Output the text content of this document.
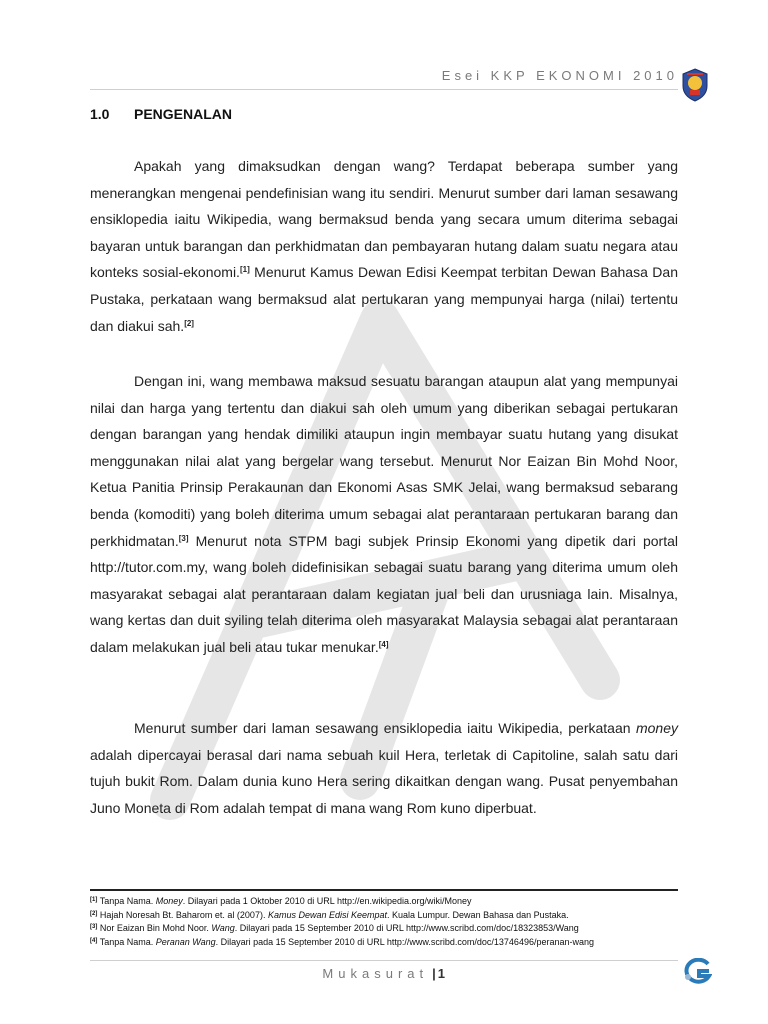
Esei KKP EKONOMI 2010
1.0 PENGENALAN

Apakah yang dimaksudkan dengan wang? Terdapat beberapa sumber yang menerangkan mengenai pendefinisian wang itu sendiri. Menurut sumber dari laman sesawang ensiklopedia iaitu Wikipedia, wang bermaksud benda yang secara umum diterima sebagai bayaran untuk barangan dan perkhidmatan dan pembayaran hutang dalam suatu negara atau konteks sosial-ekonomi.[1] Menurut Kamus Dewan Edisi Keempat terbitan Dewan Bahasa Dan Pustaka, perkataan wang bermaksud alat pertukaran yang mempunyai harga (nilai) tertentu dan diakui sah.[2]

Dengan ini, wang membawa maksud sesuatu barangan ataupun alat yang mempunyai nilai dan harga yang tertentu dan diakui sah oleh umum yang diberikan sebagai pertukaran dengan barangan yang hendak dimiliki ataupun ingin membayar suatu hutang yang disukat menggunakan nilai alat yang bergelar wang tersebut. Menurut Nor Eaizan Bin Mohd Noor, Ketua Panitia Prinsip Perakaunan dan Ekonomi Asas SMK Jelai, wang bermaksud sebarang benda (komoditi) yang boleh diterima umum sebagai alat perantaraan pertukaran barang dan perkhidmatan.[3] Menurut nota STPM bagi subjek Prinsip Ekonomi yang dipetik dari portal http://tutor.com.my, wang boleh didefinisikan sebagai suatu barang yang diterima umum oleh masyarakat sebagai alat perantaraan dalam kegiatan jual beli dan urusniaga lain. Misalnya, wang kertas dan duit syiling telah diterima oleh masyarakat Malaysia sebagai alat perantaraan dalam melakukan jual beli atau tukar menukar.[4]

Menurut sumber dari laman sesawang ensiklopedia iaitu Wikipedia, perkataan money adalah dipercayai berasal dari nama sebuah kuil Hera, terletak di Capitoline, salah satu dari tujuh bukit Rom. Dalam dunia kuno Hera sering dikaitkan dengan wang. Pusat penyembahan Juno Moneta di Rom adalah tempat di mana wang Rom kuno diperbuat.

[1] Tanpa Nama. Money. Dilayari pada 1 Oktober 2010 di URL http://en.wikipedia.org/wiki/Money
[2] Hajah Noresah Bt. Baharom et. al (2007). Kamus Dewan Edisi Keempat. Kuala Lumpur. Dewan Bahasa dan Pustaka.
[3] Nor Eaizan Bin Mohd Noor. Wang. Dilayari pada 15 September 2010 di URL http://www.scribd.com/doc/18323853/Wang
[4] Tanpa Nama. Peranan Wang. Dilayari pada 15 September 2010 di URL http://www.scribd.com/doc/13746496/peranan-wang
Mukasurat | 1
